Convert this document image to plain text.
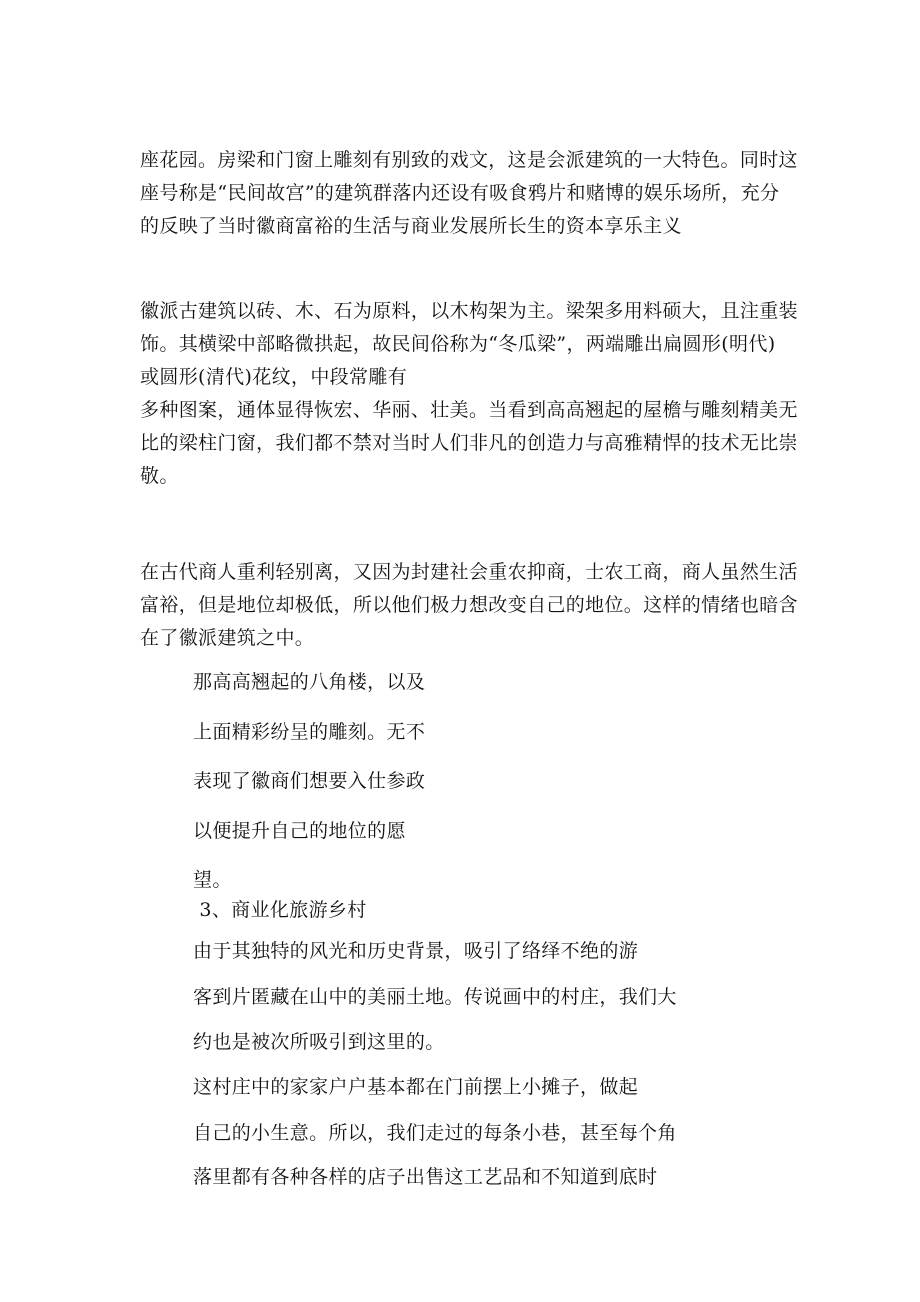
座花园。房梁和门窗上雕刻有别致的戏文，这是会派建筑的一大特色。同时这
座号称是“民间故宫”的建筑群落内还设有吸食鸦片和赌博的娱乐场所，充分
的反映了当时徽商富裕的生活与商业发展所长生的资本享乐主义

徽派古建筑以砖、木、石为原料，以木构架为主。梁架多用料硕大，且注重装
饰。其横梁中部略微拱起，故民间俗称为“冬瓜梁”，两端雕出扁圆形(明代)
或圆形(清代)花纹，中段常雕有
多种图案，通体显得恢宏、华丽、壮美。当看到高高翘起的屋檐与雕刻精美无
比的梁柱门窗，我们都不禁对当时人们非凡的创造力与高雅精悍的技术无比崇
敬。

在古代商人重利轻别离，又因为封建社会重农抑商，士农工商，商人虽然生活
富裕，但是地位却极低，所以他们极力想改变自己的地位。这样的情绪也暗含
在了徽派建筑之中。

那高高翘起的八角楼，以及

上面精彩纷呈的雕刻。无不

表现了徽商们想要入仕参政

以便提升自己的地位的愿

望。

3、商业化旅游乡村

由于其独特的风光和历史背景，吸引了络绎不绝的游

客到片匿藏在山中的美丽土地。传说画中的村庄，我们大

约也是被次所吸引到这里的。

这村庄中的家家户户基本都在门前摆上小摊子，做起

自己的小生意。所以，我们走过的每条小巷，甚至每个角

落里都有各种各样的店子出售这工艺品和不知道到底时
